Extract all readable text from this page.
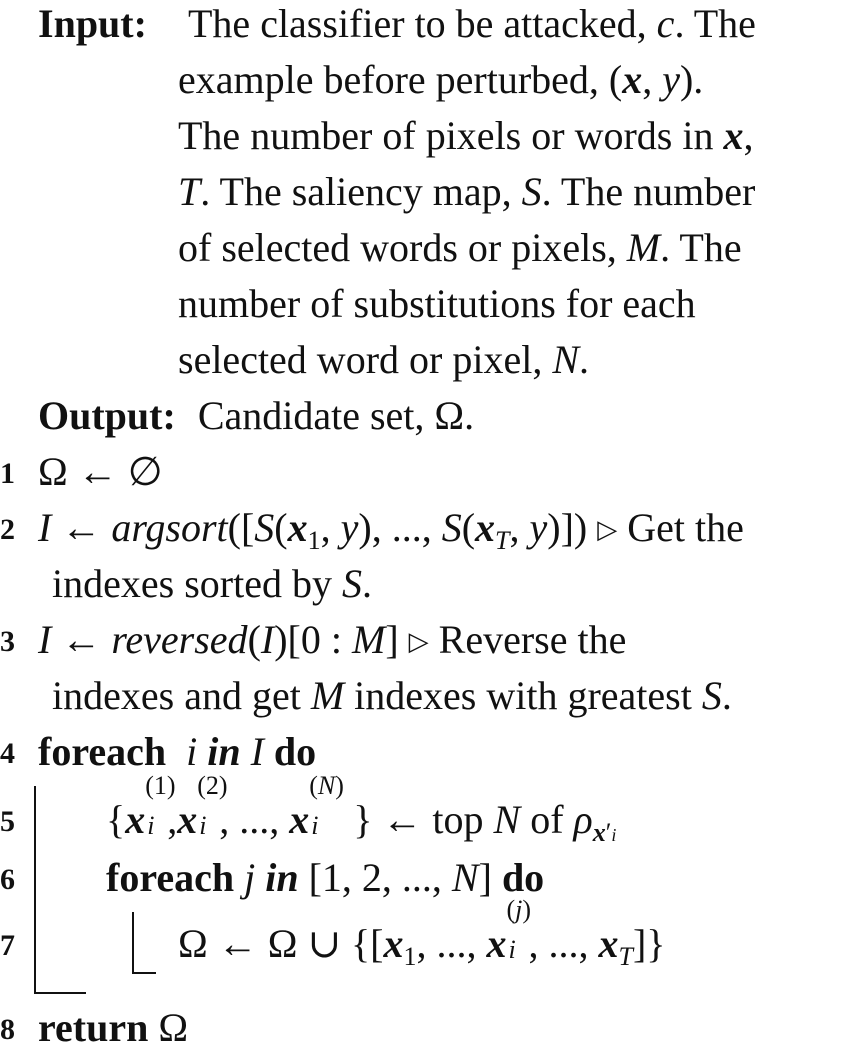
Input: The classifier to be attacked, c. The
example before perturbed, (x, y).
The number of pixels or words in x,
T. The saliency map, S. The number
of selected words or pixels, M. The
number of substitutions for each
selected word or pixel, N.
Output: Candidate set, Ω.
1 Ω ← ∅
2 I ← $argsort([S(x_1$, y), ..., $S(x_T$, y)]) ▷ Get the
indexes sorted by S.
3 I ← reversed(I)[0 : M] ▷ Reverse the
indexes and get M indexes with greatest S.
4 foreach i in I do
5 {x
(1)
i ,x
(2)
i , ..., x
(N)
i } ← top N of $\rho_{x'i}$
6 foreach j in [1, 2, ..., N] do
7	Ω ← Ω ∪ {[$x_1$, ..., x
(j)
i , ..., $x_T$]}
8 return Ω
